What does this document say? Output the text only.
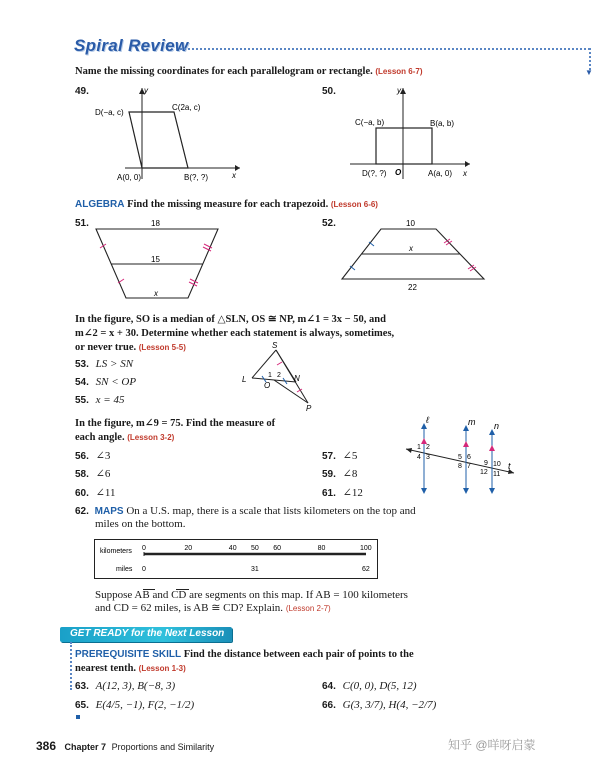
Spiral Review
▼
Name the missing coordinates for each parallelogram or rectangle. (Lesson 6-7)
49.	y
x
D(−a, c)
C(2a, c)
A(0, 0)	B(?, ?)
50.	y
x
C(−a, b)	B(a, b)
D(?, ?) O	A(a, 0)
ALGEBRA Find the missing measure for each trapezoid. (Lesson 6-6)
51.	18
15
x
52.	10
x
22
In the figure, SO is a median of △SLN, OS ≅ NP, m∠1 = 3x − 50, and
m∠2 = x + 30. Determine whether each statement is always, sometimes,
or never true. (Lesson 5-5)
53. LS > SN
54. SN < OP
55. x = 45
S
L
O
N
P
1 2
In the figure, m∠9 = 75. Find the measure of
each angle. (Lesson 3-2)
56. ∠3	57. ∠5
58. ∠6	59. ∠8
60. ∠11	61. ∠12
ℓ	m n
t
1 2
4 3	5 6
8 7 9 10
12 11
62. MAPS On a U.S. map, there is a scale that lists kilometers on the top and
miles on the bottom.
kilometers
miles
0	20	40 50 60	80	100
0	31	62
Suppose AB and CD are segments on this map. If AB = 100 kilometers
and CD = 62 miles, is AB ≅ CD? Explain. (Lesson 2-7)
GET READY for the Next Lesson
PREREQUISITE SKILL Find the distance between each pair of points to the
nearest tenth. (Lesson 1-3)
63. A(12, 3), B(−8, 3)	64. C(0, 0), D(5, 12)
65. E(4/5, −1), F(2, −1/2)	66. G(3, 3/7), H(4, −2/7)
386 Chapter 7 Proportions and Similarity	知乎 @咩呀启蒙
